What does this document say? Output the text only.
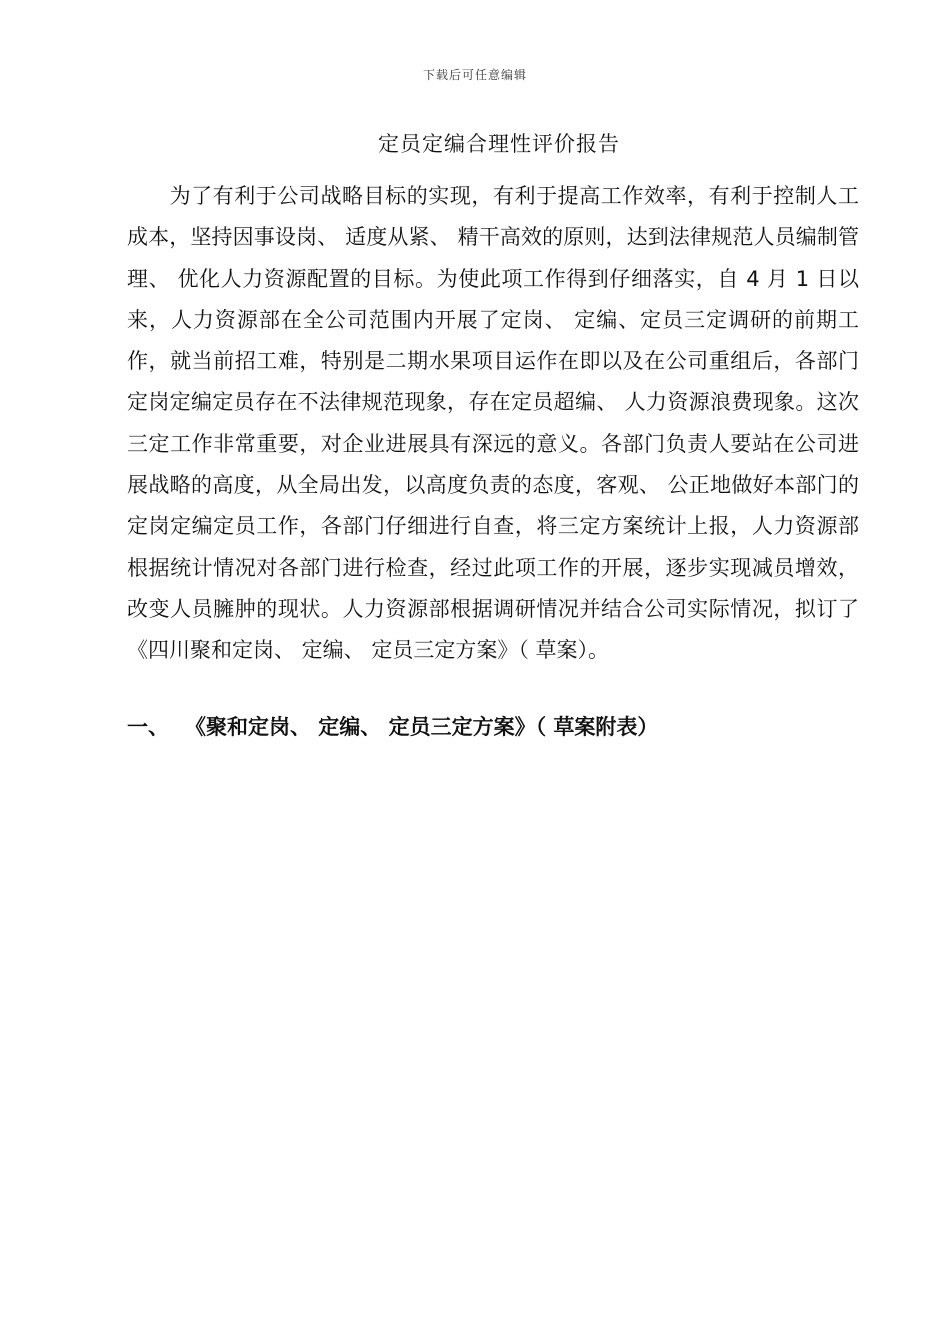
下载后可任意编辑
定员定编合理性评价报告

为了有利于公司战略目标的实现，有利于提高工作效率，有利于控制人工成本，坚持因事设岗、 适度从紧、 精干高效的原则，达到法律规范人员编制管理、 优化人力资源配置的目标。为使此项工作得到仔细落实，自 4 月 1 日以来，人力资源部在全公司范围内开展了定岗、 定编、定员三定调研的前期工作，就当前招工难，特别是二期水果项目运作在即以及在公司重组后，各部门定岗定编定员存在不法律规范现象，存在定员超编、 人力资源浪费现象。这次三定工作非常重要，对企业进展具有深远的意义。各部门负责人要站在公司进展战略的高度，从全局出发，以高度负责的态度，客观、 公正地做好本部门的定岗定编定员工作，各部门仔细进行自查，将三定方案统计上报，人力资源部根据统计情况对各部门进行检查，经过此项工作的开展，逐步实现减员增效，改变人员臃肿的现状。人力资源部根据调研情况并结合公司实际情况，拟订了《四川聚和定岗、 定编、 定员三定方案》（ 草案）。

一、 《聚和定岗、 定编、 定员三定方案》（ 草案附表）
